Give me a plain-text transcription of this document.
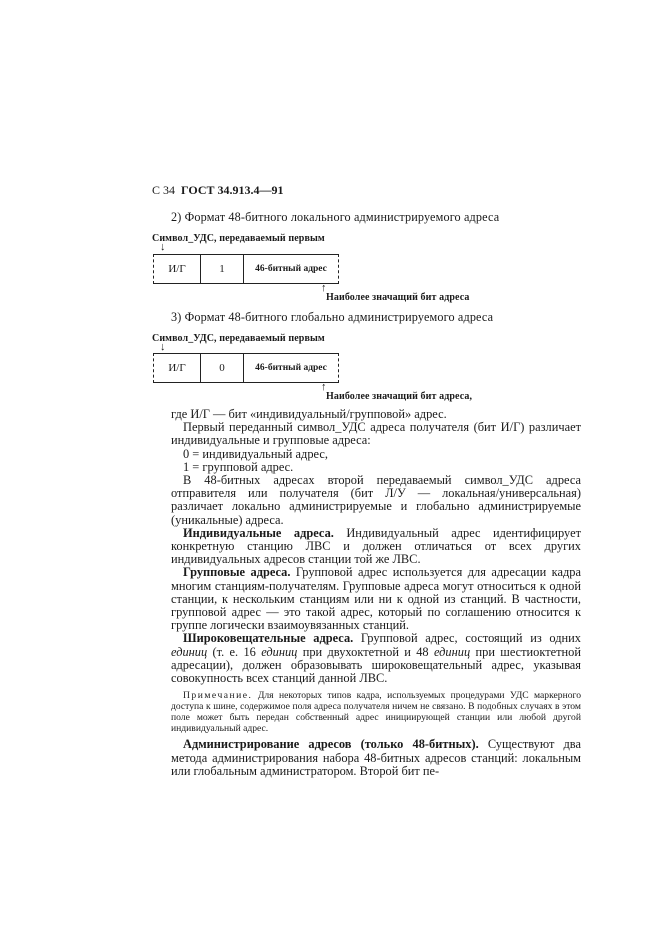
С 34 ГОСТ 34.913.4—91
2) Формат 48-битного локального администрируемого адреса
Символ_УДС, передаваемый первым
↓
И/Г	1	46-битный адрес
↑
Наиболее значащий бит адреса
3) Формат 48-битного глобально администрируемого адреса
Символ_УДС, передаваемый первым
↓
И/Г	0	46-битный адрес
↑
Наиболее значащий бит адреса,

где И/Г — бит «индивидуальный/групповой» адрес.

Первый переданный символ_УДС адреса получателя (бит И/Г) различает индивидуальные и групповые адреса:

0 = индивидуальный адрес,

1 = групповой адрес.

В 48-битных адресах второй передаваемый символ_УДС адреса отправителя или получателя (бит Л/У — локальная/универсальная) различает локально администрируемые и глобально администрируемые (уникальные) адреса.

Индивидуальные адреса. Индивидуальный адрес идентифицирует конкретную станцию ЛВС и должен отличаться от всех других индивидуальных адресов станции той же ЛВС.

Групповые адреса. Групповой адрес используется для адресации кадра многим станциям-получателям. Групповые адреса могут относиться к одной станции, к нескольким станциям или ни к одной из станций. В частности, групповой адрес — это такой адрес, который по соглашению относится к группе логически взаимоувязанных станций.

Широковещательные адреса. Групповой адрес, состоящий из одних единиц (т. е. 16 единиц при двухоктетной и 48 единиц при шестиоктетной адресации), должен образовывать широковещательный адрес, указывая совокупность всех станций данной ЛВС.

Примечание. Для некоторых типов кадра, используемых процедурами УДС маркерного доступа к шине, содержимое поля адреса получателя ничем не связано. В подобных случаях в этом поле может быть передан собственный адрес инициирующей станции или любой другой индивидуальный адрес.

Администрирование адресов (только 48-битных). Существуют два метода администрирования набора 48-битных адресов станций: локальным или глобальным администратором. Второй бит пе-
